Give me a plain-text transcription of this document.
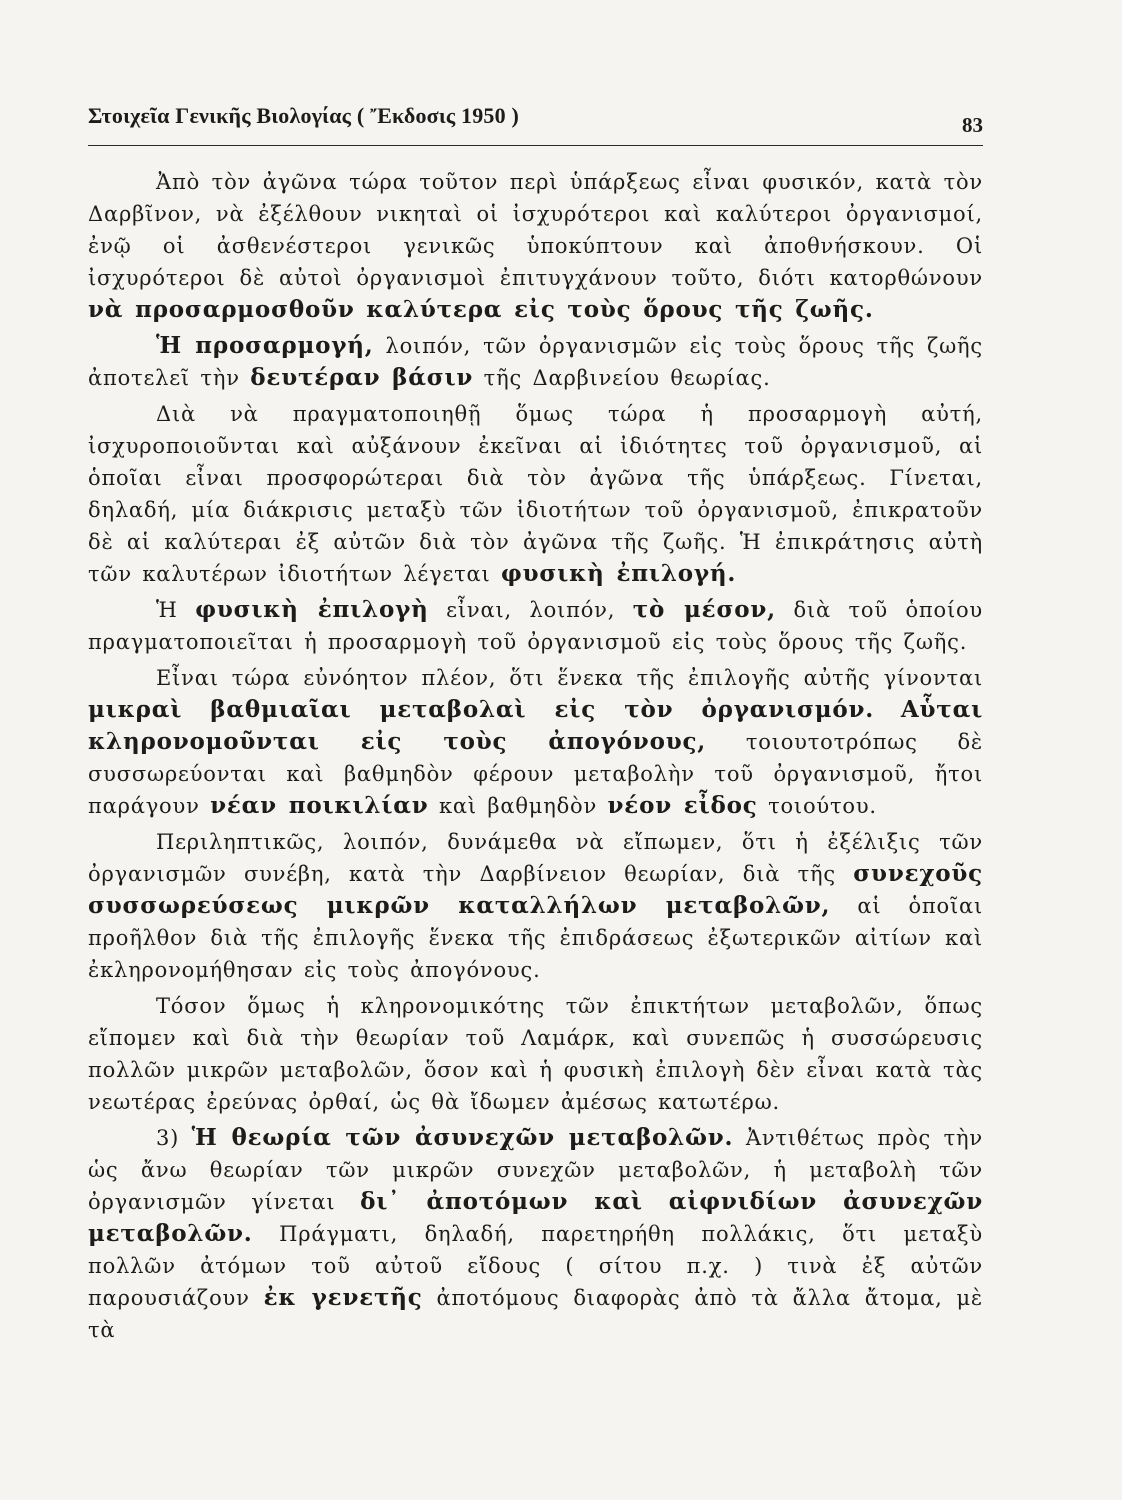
Στοιχεῖα Γενικῆς Βιολογίας ( Ἔκδοσις 1950 )	83

Ἀπὸ τὸν ἀγῶνα τώρα τοῦτον περὶ ὑπάρξεως εἶναι φυσικόν, κατὰ τὸν Δαρβῖνον, νὰ ἐξέλθουν νικηταὶ οἱ ἰσχυρότεροι καὶ καλύτεροι ὀργανισμοί, ἐνῷ οἱ ἀσθενέστεροι γενικῶς ὑποκύπτουν καὶ ἀποθνήσκουν. Οἱ ἰσχυρότεροι δὲ αὐτοὶ ὀργανισμοὶ ἐπιτυγχάνουν τοῦτο, διότι κατορθώνουν νὰ προσαρμοσθοῦν καλύτερα εἰς τοὺς ὅρους τῆς ζωῆς.

Ἡ προσαρμογή, λοιπόν, τῶν ὀργανισμῶν εἰς τοὺς ὅρους τῆς ζωῆς ἀποτελεῖ τὴν δευτέραν βάσιν τῆς Δαρβινείου θεωρίας.

Διὰ νὰ πραγματοποιηθῇ ὅμως τώρα ἡ προσαρμογὴ αὐτή, ἰσχυροποιοῦνται καὶ αὐξάνουν ἐκεῖναι αἱ ἰδιότητες τοῦ ὀργανισμοῦ, αἱ ὁποῖαι εἶναι προσφορώτεραι διὰ τὸν ἀγῶνα τῆς ὑπάρξεως. Γίνεται, δηλαδή, μία διάκρισις μεταξὺ τῶν ἰδιοτήτων τοῦ ὀργανισμοῦ, ἐπικρατοῦν δὲ αἱ καλύτεραι ἐξ αὐτῶν διὰ τὸν ἀγῶνα τῆς ζωῆς. Ἡ ἐπικράτησις αὐτὴ τῶν καλυτέρων ἰδιοτήτων λέγεται φυσικὴ ἐπιλογή.

Ἡ φυσικὴ ἐπιλογὴ εἶναι, λοιπόν, τὸ μέσον, διὰ τοῦ ὁποίου πραγματοποιεῖται ἡ προσαρμογὴ τοῦ ὀργανισμοῦ εἰς τοὺς ὅρους τῆς ζωῆς.

Εἶναι τώρα εὐνόητον πλέον, ὅτι ἕνεκα τῆς ἐπιλογῆς αὐτῆς γίνονται μικραὶ βαθμιαῖαι μεταβολαὶ εἰς τὸν ὀργανισμόν. Αὗται κληρονομοῦνται εἰς τοὺς ἀπογόνους, τοιουτοτρόπως δὲ συσσωρεύονται καὶ βαθμηδὸν φέρουν μεταβολὴν τοῦ ὀργανισμοῦ, ἤτοι παράγουν νέαν ποικιλίαν καὶ βαθμηδὸν νέον εἶδος τοιούτου.

Περιληπτικῶς, λοιπόν, δυνάμεθα νὰ εἴπωμεν, ὅτι ἡ ἐξέλιξις τῶν ὀργανισμῶν συνέβη, κατὰ τὴν Δαρβίνειον θεωρίαν, διὰ τῆς συνεχοῦς συσσωρεύσεως μικρῶν καταλλήλων μεταβολῶν, αἱ ὁποῖαι προῆλθον διὰ τῆς ἐπιλογῆς ἕνεκα τῆς ἐπιδράσεως ἐξωτερικῶν αἰτίων καὶ ἐκληρονομήθησαν εἰς τοὺς ἀπογόνους.

Τόσον ὅμως ἡ κληρονομικότης τῶν ἐπικτήτων μεταβολῶν, ὅπως εἴπομεν καὶ διὰ τὴν θεωρίαν τοῦ Λαμάρκ, καὶ συνεπῶς ἡ συσσώρευσις πολλῶν μικρῶν μεταβολῶν, ὅσον καὶ ἡ φυσικὴ ἐπιλογὴ δὲν εἶναι κατὰ τὰς νεωτέρας ἐρεύνας ὀρθαί, ὡς θὰ ἴδωμεν ἀμέσως κατωτέρω.

3) Ἡ θεωρία τῶν ἀσυνεχῶν μεταβολῶν. Ἀντιθέτως πρὸς τὴν ὡς ἄνω θεωρίαν τῶν μικρῶν συνεχῶν μεταβολῶν, ἡ μεταβολὴ τῶν ὀργανισμῶν γίνεται δι᾽ ἀποτόμων καὶ αἰφνιδίων ἀσυνεχῶν μεταβολῶν. Πράγματι, δηλαδή, παρετηρήθη πολλάκις, ὅτι μεταξὺ πολλῶν ἀτόμων τοῦ αὐτοῦ εἴδους ( σίτου π.χ. ) τινὰ ἐξ αὐτῶν παρουσιάζουν ἐκ γενετῆς ἀποτόμους διαφορὰς ἀπὸ τὰ ἄλλα ἄτομα, μὲ τὰ
